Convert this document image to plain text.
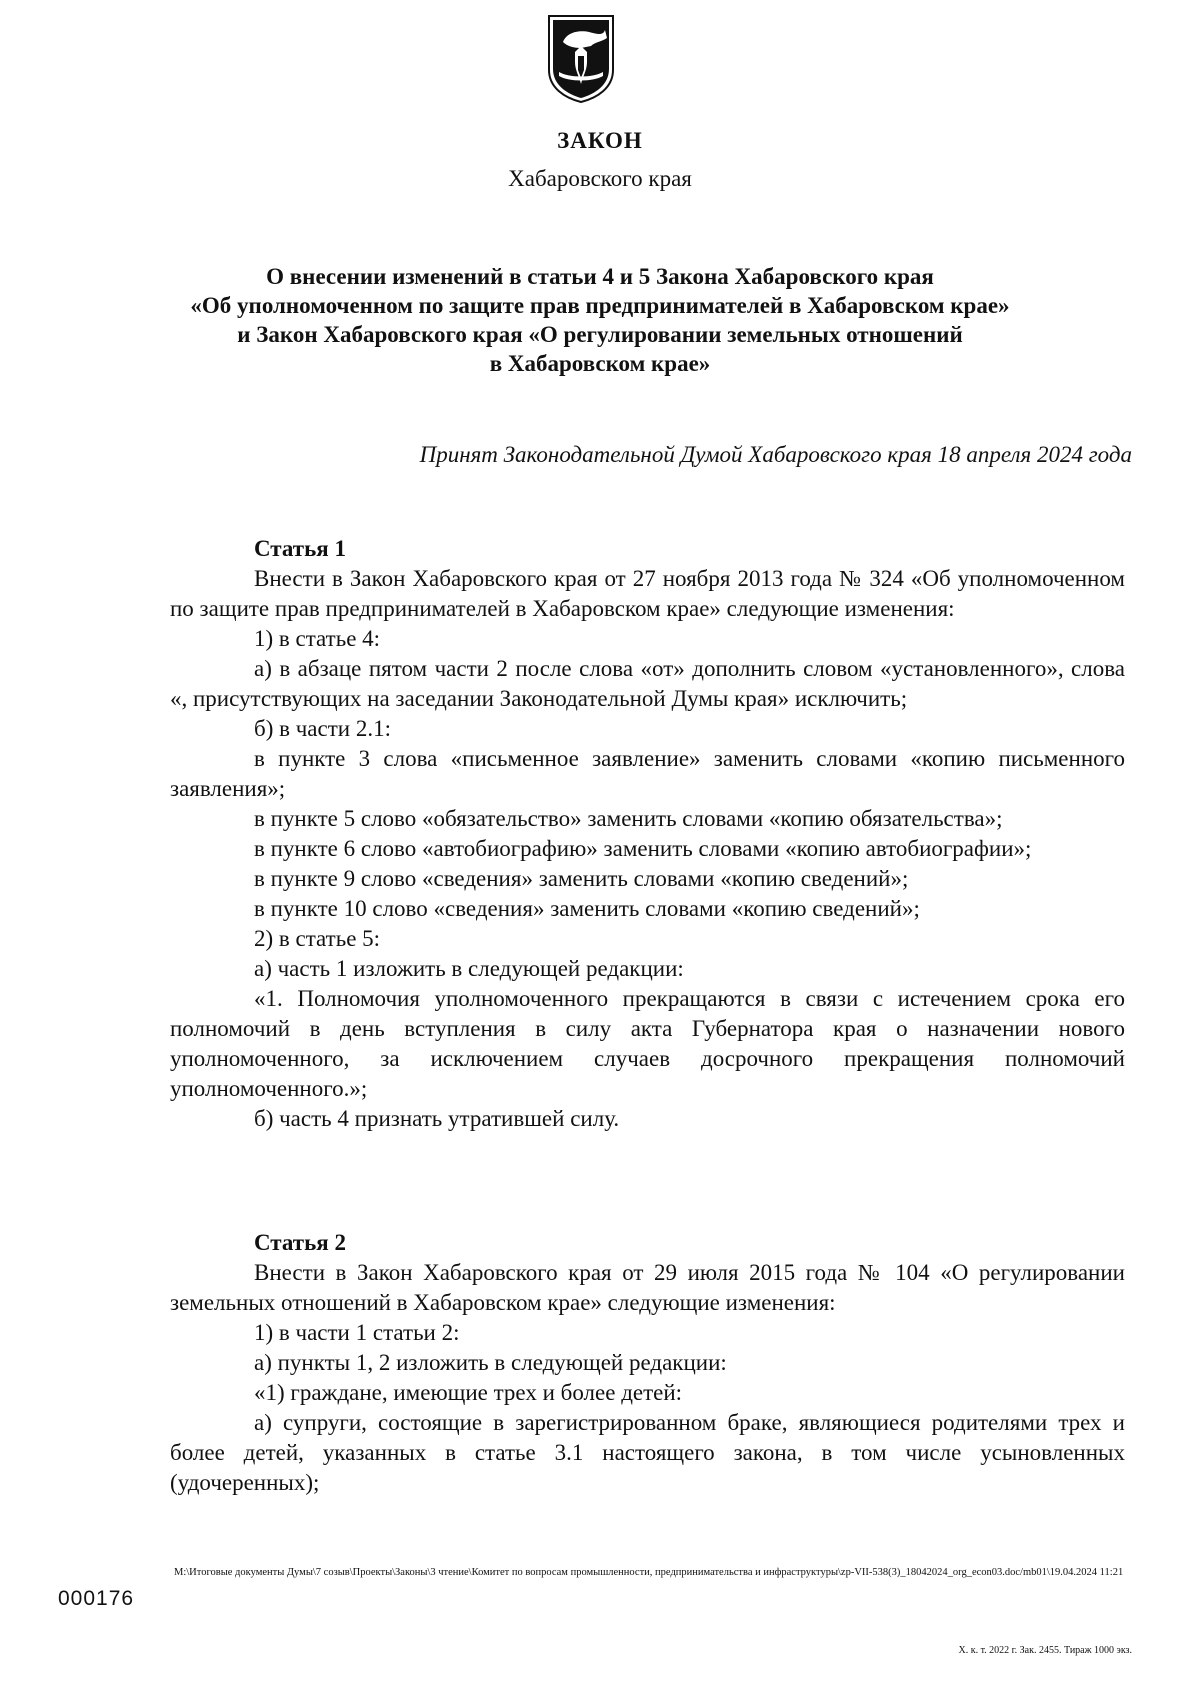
ЗАКОН
Хабаровского края
О внесении изменений в статьи 4 и 5 Закона Хабаровского края
«Об уполномоченном по защите прав предпринимателей в Хабаровском крае»
и Закон Хабаровского края «О регулировании земельных отношений
в Хабаровском крае»
Принят Законодательной Думой Хабаровского края 18 апреля 2024 года
Статья 1

Внести в Закон Хабаровского края от 27 ноября 2013 года № 324 «Об уполномоченном по защите прав предпринимателей в Хабаровском крае» следующие изменения:

1) в статье 4:

а) в абзаце пятом части 2 после слова «от» дополнить словом «установленного», слова «, присутствующих на заседании Законодательной Думы края» исключить;

б) в части 2.1:

в пункте 3 слова «письменное заявление» заменить словами «копию письменного заявления»;

в пункте 5 слово «обязательство» заменить словами «копию обязательства»;

в пункте 6 слово «автобиографию» заменить словами «копию автобиографии»;

в пункте 9 слово «сведения» заменить словами «копию сведений»;

в пункте 10 слово «сведения» заменить словами «копию сведений»;

2) в статье 5:

а) часть 1 изложить в следующей редакции:

«1. Полномочия уполномоченного прекращаются в связи с истечением срока его полномочий в день вступления в силу акта Губернатора края о назначении нового уполномоченного, за исключением случаев досрочного прекращения полномочий уполномоченного.»;

б) часть 4 признать утратившей силу.

Статья 2

Внести в Закон Хабаровского края от 29 июля 2015 года № 104 «О регулировании земельных отношений в Хабаровском крае» следующие изменения:

1) в части 1 статьи 2:

а) пункты 1, 2 изложить в следующей редакции:

«1) граждане, имеющие трех и более детей:

а) супруги, состоящие в зарегистрированном браке, являющиеся родителями трех и более детей, указанных в статье 3.1 настоящего закона, в том числе усыновленных (удочеренных);

М:\Итоговые документы Думы\7 созыв\Проекты\Законы\3 чтение\Комитет по вопросам промышленности, предпринимательства и инфраструктуры\zp-VII-538(3)_18042024_org_econ03.doc/mb01\19.04.2024 11:21
000176
Х. к. т. 2022 г. Зак. 2455. Тираж 1000 экз.
